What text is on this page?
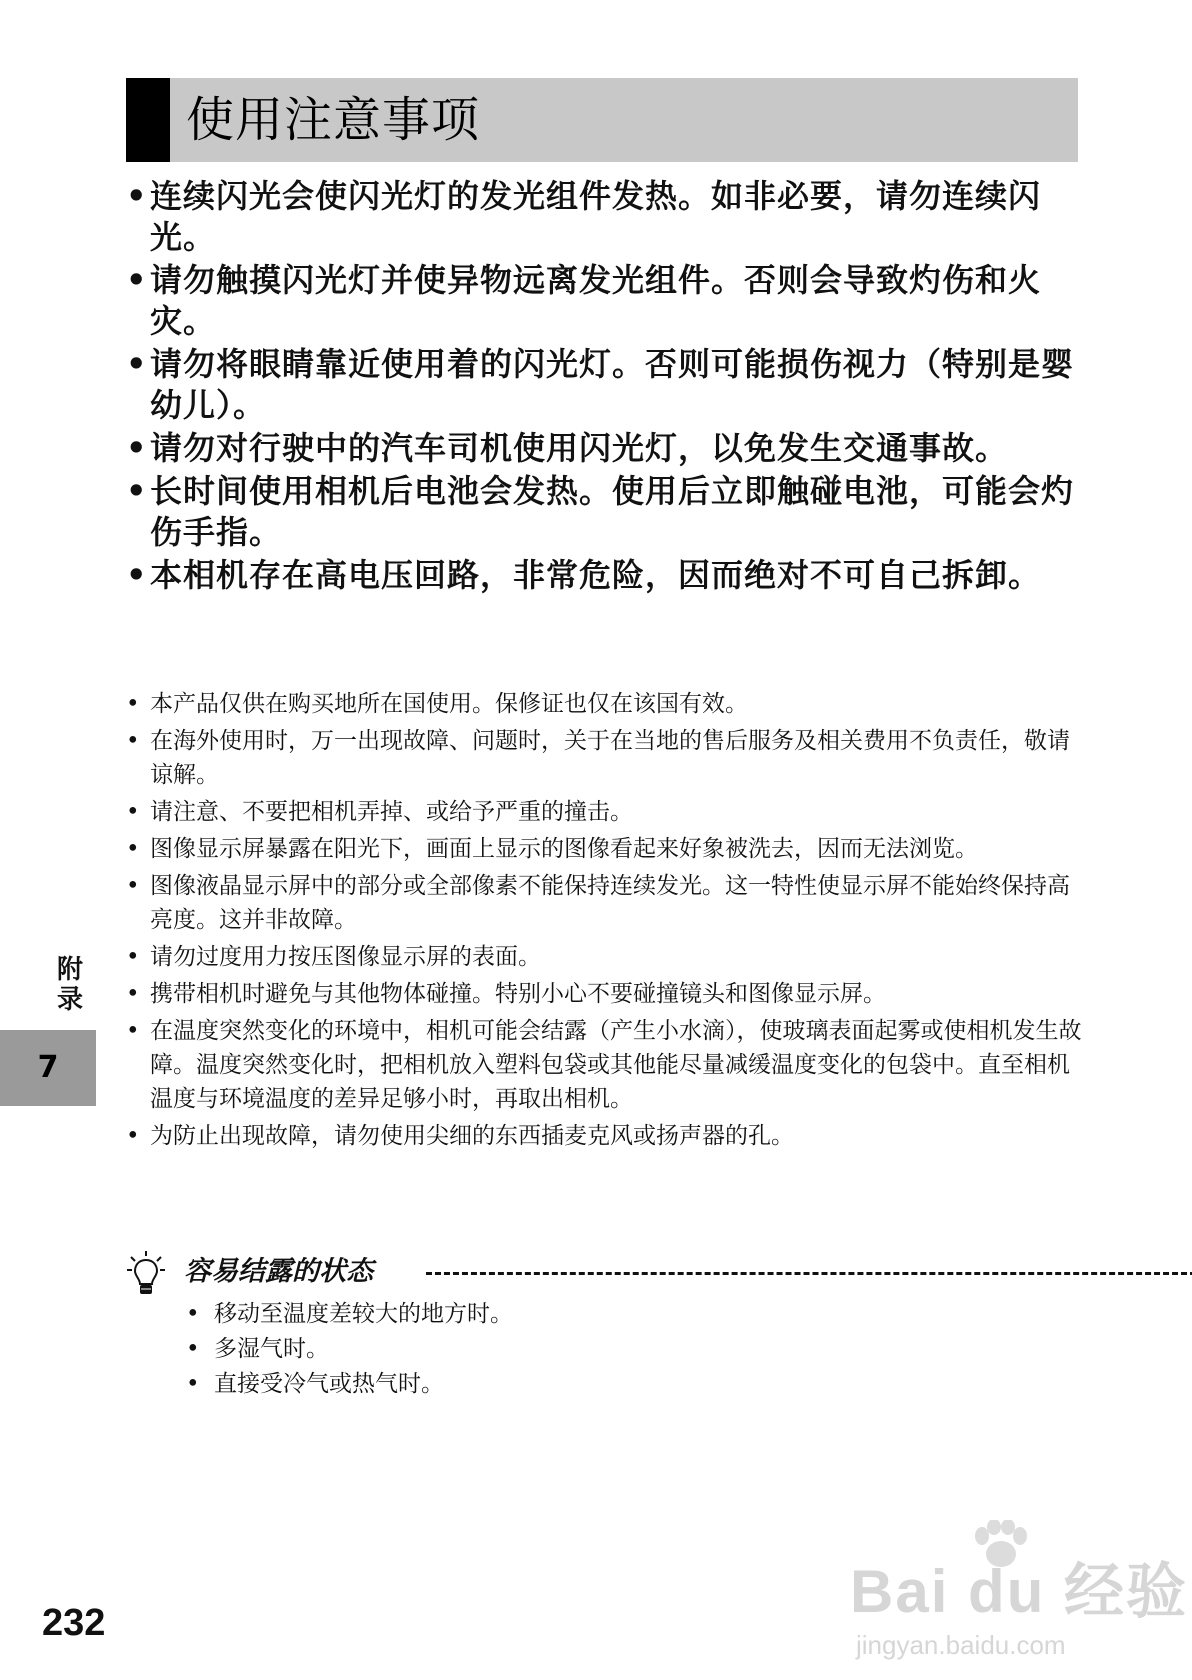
使用注意事项
• 连续闪光会使闪光灯的发光组件发热。如非必要，请勿连续闪光。
• 请勿触摸闪光灯并使异物远离发光组件。否则会导致灼伤和火灾。
• 请勿将眼睛靠近使用着的闪光灯。否则可能损伤视力（特别是婴幼儿）。
• 请勿对行驶中的汽车司机使用闪光灯，以免发生交通事故。
• 长时间使用相机后电池会发热。使用后立即触碰电池，可能会灼伤手指。
• 本相机存在高电压回路，非常危险，因而绝对不可自己拆卸。
• 本产品仅供在购买地所在国使用。保修证也仅在该国有效。
• 在海外使用时，万一出现故障、问题时，关于在当地的售后服务及相关费用不负责任，敬请谅解。
• 请注意、不要把相机弄掉、或给予严重的撞击。
• 图像显示屏暴露在阳光下，画面上显示的图像看起来好象被洗去，因而无法浏览。
• 图像液晶显示屏中的部分或全部像素不能保持连续发光。这一特性使显示屏不能始终保持高亮度。这并非故障。
• 请勿过度用力按压图像显示屏的表面。
• 携带相机时避免与其他物体碰撞。特别小心不要碰撞镜头和图像显示屏。
• 在温度突然变化的环境中，相机可能会结露（产生小水滴），使玻璃表面起雾或使相机发生故障。温度突然变化时，把相机放入塑料包袋或其他能尽量减缓温度变化的包袋中。直至相机温度与环境温度的差异足够小时，再取出相机。
• 为防止出现故障，请勿使用尖细的东西插麦克风或扬声器的孔。
容易结露的状态
• 移动至温度差较大的地方时。
• 多湿气时。
• 直接受冷气或热气时。
附录
7
232	Bai du 经验
jingyan.baidu.com
